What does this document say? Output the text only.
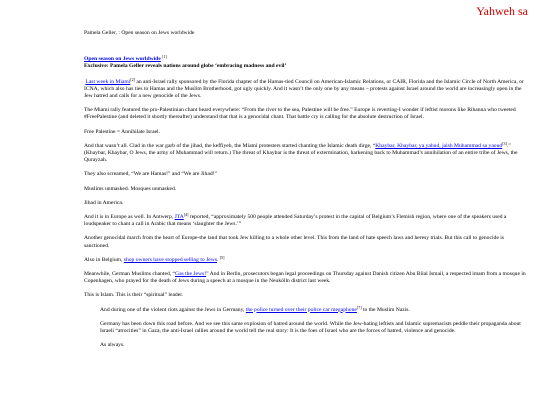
Yahweh sa
Pamela Geller, : Open season on Jews worldwide
Open season on Jews worldwide [1]
Exclusive: Pamela Geller reveals nations around globe ‘embracing madness and evil’

Last week in Miami[2] an anti-Israel rally sponsored by the Florida chapter of the Hamas-tied Council on American-Islamic Relations, or CAIR, Florida and the Islamic Circle of North America, or ICNA, which also has ties to Hamas and the Muslim Brotherhood, got ugly quickly. And it wasn’t the only one by any means – protests against Israel around the world are increasingly open in the Jew hatred and calls for a new genocide of the Jews.

The Miami rally featured the pro-Palestinian chant heard everywhere: “From the river to the sea, Palestine will be free.” Europe is reverting-I wonder if leftist morons like Rihanna who tweeted #FreePalestine (and deleted it shortly thereafter) understand that that is a genocidal chant. That battle cry is calling for the absolute destruction of Israel.

Free Palestine = Annihilate Israel.

And that wasn’t all. Clad in the war garb of the jihad, the keffiyeh, the Miami protesters started chanting the Islamic death dirge, “Khaybar, Khaybar, ya yahud, jaish Muhammad sa yaoud[3].” (Khaybar, Khaybar, O Jews, the army of Muhammad will return.) The threat of Khaybar is the threat of extermination, harkening back to Muhammad’s annihilation of an entire tribe of Jews, the Qurayzah.

They also screamed, “We are Hamas!” and “We are Jihad!”

Muslims unmasked. Mosques unmasked.

Jihad in America.

And it is in Europe as well. In Antwerp, JTA[4] reported, “approximately 500 people attended Saturday’s protest in the capital of Belgium’s Flemish region, where one of the speakers used a loudspeaker to chant a call in Arabic that means ‘slaughter the Jews.’”

Another genocidal march from the heart of Europe-the land that took Jew killing to a whole other level. This from the land of hate speech laws and heresy trials. But this call to genocide is sanctioned.

Also in Belgium, shop owners have stopped selling to Jews. [5]

Meanwhile, German Muslims chanted, “Gas the Jews!” And in Berlin, prosecutors began legal proceedings on Thursday against Danish citizen Abu Bilal Ismail, a respected imam from a mosque in Copenhagen, who prayed for the death of Jews during a speech at a mosque in the Neukölln district last week.

This is Islam. This is their “spiritual” leader.

And during one of the violent riots against the Jews in Germany, the police turned over their police car megaphone[7] to the Muslim Nazis.

Germany has been down this road before. And we see this same explosion of hatred around the world. While the Jew-hating leftists and Islamic supremacists peddle their propaganda about Israeli “atrocities” in Gaza, the anti-Israel rallies around the world tell the real story: It is the foes of Israel who are the forces of hatred, violence and genocide.

As always.
